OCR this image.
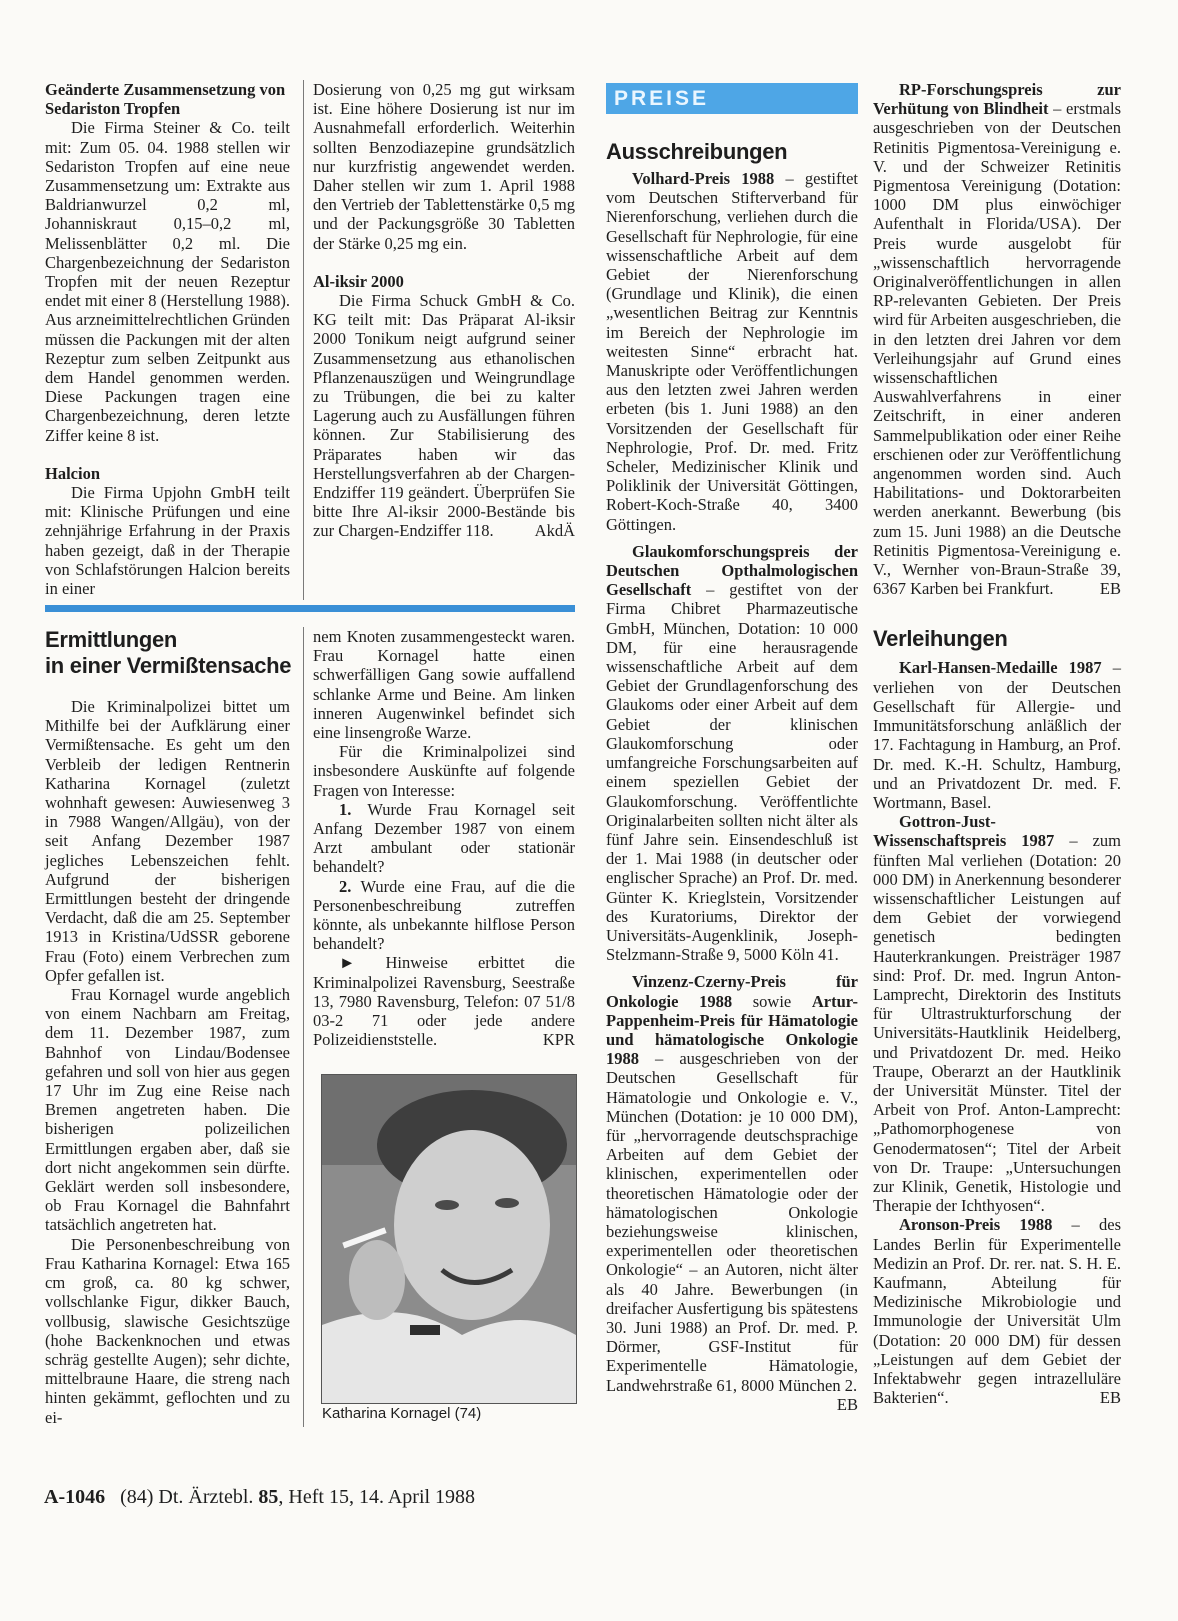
Geänderte Zusammensetzung von Sedariston Tropfen

Die Firma Steiner & Co. teilt mit: Zum 05. 04. 1988 stellen wir Sedariston Tropfen auf eine neue Zusammensetzung um: Extrakte aus Baldrianwurzel 0,2 ml, Johanniskraut 0,15–0,2 ml, Melissenblätter 0,2 ml. Die Chargenbezeichnung der Sedariston Tropfen mit der neuen Rezeptur endet mit einer 8 (Herstellung 1988). Aus arzneimittelrechtlichen Gründen müssen die Packungen mit der alten Rezeptur zum selben Zeitpunkt aus dem Handel genommen werden. Diese Packungen tragen eine Chargenbezeichnung, deren letzte Ziffer keine 8 ist.

Halcion

Die Firma Upjohn GmbH teilt mit: Klinische Prüfungen und eine zehnjährige Erfahrung in der Praxis haben gezeigt, daß in der Therapie von Schlafstörungen Halcion bereits in einer

Dosierung von 0,25 mg gut wirksam ist. Eine höhere Dosierung ist nur im Ausnahmefall erforderlich. Weiterhin sollten Benzodiazepine grundsätzlich nur kurzfristig angewendet werden. Daher stellen wir zum 1. April 1988 den Vertrieb der Tablettenstärke 0,5 mg und der Packungsgröße 30 Tabletten der Stärke 0,25 mg ein.

Al-iksir 2000

Die Firma Schuck GmbH & Co. KG teilt mit: Das Präparat Al-iksir 2000 Tonikum neigt aufgrund seiner Zusammensetzung aus ethanolischen Pflanzenauszügen und Weingrundlage zu Trübungen, die bei zu kalter Lagerung auch zu Ausfällungen führen können. Zur Stabilisierung des Präparates haben wir das Herstellungsverfahren ab der Chargen-Endziffer 119 geändert. Überprüfen Sie bitte Ihre Al-iksir 2000-Bestände bis zur Chargen-Endziffer 118.	AkdÄ

Ermittlungen
in einer Vermißtensache

Die Kriminalpolizei bittet um Mithilfe bei der Aufklärung einer Vermißtensache. Es geht um den Verbleib der ledigen Rentnerin Katharina Kornagel (zuletzt wohnhaft gewesen: Auwiesenweg 3 in 7988 Wangen/Allgäu), von der seit Anfang Dezember 1987 jegliches Lebenszeichen fehlt. Aufgrund der bisherigen Ermittlungen besteht der dringende Verdacht, daß die am 25. September 1913 in Kristina/UdSSR geborene Frau (Foto) einem Verbrechen zum Opfer gefallen ist.

Frau Kornagel wurde angeblich von einem Nachbarn am Freitag, dem 11. Dezember 1987, zum Bahnhof von Lindau/Bodensee gefahren und soll von hier aus gegen 17 Uhr im Zug eine Reise nach Bremen angetreten haben. Die bisherigen polizeilichen Ermittlungen ergaben aber, daß sie dort nicht angekommen sein dürfte. Geklärt werden soll insbesondere, ob Frau Kornagel die Bahnfahrt tatsächlich angetreten hat.

Die Personenbeschreibung von Frau Katharina Kornagel: Etwa 165 cm groß, ca. 80 kg schwer, vollschlanke Figur, dikker Bauch, vollbusig, slawische Gesichtszüge (hohe Backenknochen und etwas schräg gestellte Augen); sehr dichte, mittelbraune Haare, die streng nach hinten gekämmt, geflochten und zu ei-

nem Knoten zusammengesteckt waren. Frau Kornagel hatte einen schwerfälligen Gang sowie auffallend schlanke Arme und Beine. Am linken inneren Augenwinkel befindet sich eine linsengroße Warze.

Für die Kriminalpolizei sind insbesondere Auskünfte auf folgende Fragen von Interesse:

1. Wurde Frau Kornagel seit Anfang Dezember 1987 von einem Arzt ambulant oder stationär behandelt?

2. Wurde eine Frau, auf die die Personenbeschreibung zutreffen könnte, als unbekannte hilflose Person behandelt?

► Hinweise erbittet die Kriminalpolizei Ravensburg, Seestraße 13, 7980 Ravensburg, Telefon: 07 51/8 03-2 71 oder jede andere Polizeidienststelle.	KPR

Katharina Kornagel (74)
PREISE
Ausschreibungen

Volhard-Preis 1988 – gestiftet vom Deutschen Stifterverband für Nierenforschung, verliehen durch die Gesellschaft für Nephrologie, für eine wissenschaftliche Arbeit auf dem Gebiet der Nierenforschung (Grundlage und Klinik), die einen „wesentlichen Beitrag zur Kenntnis im Bereich der Nephrologie im weitesten Sinne“ erbracht hat. Manuskripte oder Veröffentlichungen aus den letzten zwei Jahren werden erbeten (bis 1. Juni 1988) an den Vorsitzenden der Gesellschaft für Nephrologie, Prof. Dr. med. Fritz Scheler, Medizinischer Klinik und Poliklinik der Universität Göttingen, Robert-Koch-Straße 40, 3400 Göttingen.

Glaukomforschungspreis der Deutschen Opthalmologischen Gesellschaft – gestiftet von der Firma Chibret Pharmazeutische GmbH, München, Dotation: 10 000 DM, für eine herausragende wissenschaftliche Arbeit auf dem Gebiet der Grundlagenforschung des Glaukoms oder einer Arbeit auf dem Gebiet der klinischen Glaukomforschung oder umfangreiche Forschungsarbeiten auf einem speziellen Gebiet der Glaukomforschung. Veröffentlichte Originalarbeiten sollten nicht älter als fünf Jahre sein. Einsendeschluß ist der 1. Mai 1988 (in deutscher oder englischer Sprache) an Prof. Dr. med. Günter K. Krieglstein, Vorsitzender des Kuratoriums, Direktor der Universitäts-Augenklinik, Joseph-Stelzmann-Straße 9, 5000 Köln 41.

Vinzenz-Czerny-Preis für Onkologie 1988 sowie Artur-Pappenheim-Preis für Hämatologie und hämatologische Onkologie 1988 – ausgeschrieben von der Deutschen Gesellschaft für Hämatologie und Onkologie e. V., München (Dotation: je 10 000 DM), für „hervorragende deutschsprachige Arbeiten auf dem Gebiet der klinischen, experimentellen oder theoretischen Hämatologie oder der hämatologischen Onkologie beziehungsweise klinischen, experimentellen oder theoretischen Onkologie“ – an Autoren, nicht älter als 40 Jahre. Bewerbungen (in dreifacher Ausfertigung bis spätestens 30. Juni 1988) an Prof. Dr. med. P. Dörmer, GSF-Institut für Experimentelle Hämatologie, Landwehrstraße 61, 8000 München 2.
EB

RP-Forschungspreis zur Verhütung von Blindheit – erstmals ausgeschrieben von der Deutschen Retinitis Pigmentosa-Vereinigung e. V. und der Schweizer Retinitis Pigmentosa Vereinigung (Dotation: 1000 DM plus einwöchiger Aufenthalt in Florida/USA). Der Preis wurde ausgelobt für „wissenschaftlich hervorragende Originalveröffentlichungen in allen RP-relevanten Gebieten. Der Preis wird für Arbeiten ausgeschrieben, die in den letzten drei Jahren vor dem Verleihungsjahr auf Grund eines wissenschaftlichen Auswahlverfahrens in einer Zeitschrift, in einer anderen Sammelpublikation oder einer Reihe erschienen oder zur Veröffentlichung angenommen worden sind. Auch Habilitations- und Doktorarbeiten werden anerkannt. Bewerbung (bis zum 15. Juni 1988) an die Deutsche Retinitis Pigmentosa-Vereinigung e. V., Wernher von-Braun-Straße 39, 6367 Karben bei Frankfurt.	EB

Verleihungen

Karl-Hansen-Medaille 1987 – verliehen von der Deutschen Gesellschaft für Allergie- und Immunitätsforschung anläßlich der 17. Fachtagung in Hamburg, an Prof. Dr. med. K.-H. Schultz, Hamburg, und an Privatdozent Dr. med. F. Wortmann, Basel.

Gottron-Just-Wissenschaftspreis 1987 – zum fünften Mal verliehen (Dotation: 20 000 DM) in Anerkennung besonderer wissenschaftlicher Leistungen auf dem Gebiet der vorwiegend genetisch bedingten Hauterkrankungen. Preisträger 1987 sind: Prof. Dr. med. Ingrun Anton-Lamprecht, Direktorin des Instituts für Ultrastrukturforschung der Universitäts-Hautklinik Heidelberg, und Privatdozent Dr. med. Heiko Traupe, Oberarzt an der Hautklinik der Universität Münster. Titel der Arbeit von Prof. Anton-Lamprecht: „Pathomorphogenese von Genodermatosen“; Titel der Arbeit von Dr. Traupe: „Untersuchungen zur Klinik, Genetik, Histologie und Therapie der Ichthyosen“.

Aronson-Preis 1988 – des Landes Berlin für Experimentelle Medizin an Prof. Dr. rer. nat. S. H. E. Kaufmann, Abteilung für Medizinische Mikrobiologie und Immunologie der Universität Ulm (Dotation: 20 000 DM) für dessen „Leistungen auf dem Gebiet der Infektabwehr gegen intrazelluläre Bakterien“.	EB

A-1046 (84) Dt. Ärztebl. 85, Heft 15, 14. April 1988
